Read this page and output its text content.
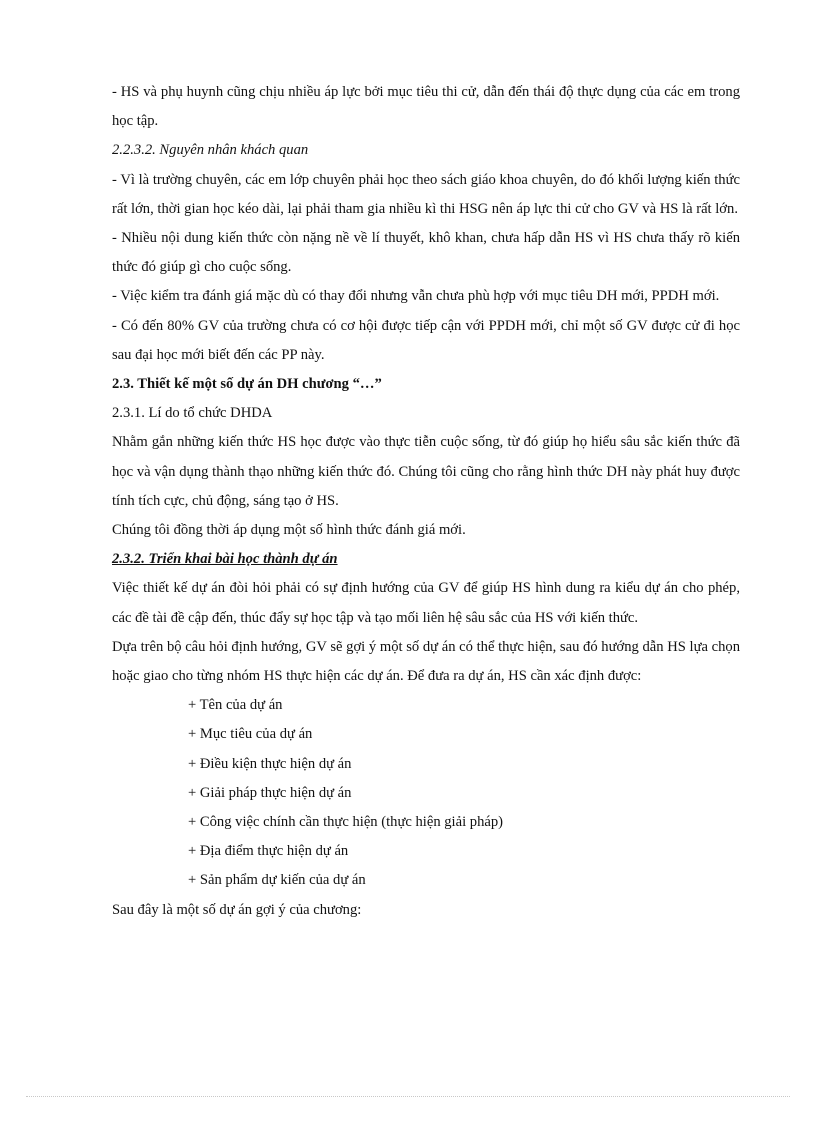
- HS và phụ huynh cũng chịu nhiều áp lực bởi mục tiêu thi cử, dẫn đến thái độ thực dụng của các em trong học tập.

2.2.3.2. Nguyên nhân khách quan

- Vì là trường chuyên, các em lớp chuyên phải học theo sách giáo khoa chuyên, do đó khối lượng kiến thức rất lớn, thời gian học kéo dài, lại phải tham gia nhiều kì thi HSG nên áp lực thi cử cho GV và HS là rất lớn.

- Nhiều nội dung kiến thức còn nặng nề về lí thuyết, khô khan, chưa hấp dẫn HS vì HS chưa thấy rõ kiến thức đó giúp gì cho cuộc sống.

- Việc kiểm tra đánh giá mặc dù có thay đổi nhưng vẫn chưa phù hợp với mục tiêu DH mới, PPDH mới.

- Có đến 80% GV của trường chưa có cơ hội được tiếp cận với PPDH mới, chỉ một số GV được cử đi học sau đại học mới biết đến các PP này.

2.3. Thiết kế một số dự án DH chương “…”

2.3.1. Lí do tổ chức DHDA

Nhằm gắn những kiến thức HS học được vào thực tiễn cuộc sống, từ đó giúp họ hiểu sâu sắc kiến thức đã học và vận dụng thành thạo những kiến thức đó. Chúng tôi cũng cho rằng hình thức DH này phát huy được tính tích cực, chủ động, sáng tạo ở HS.

Chúng tôi đồng thời áp dụng một số hình thức đánh giá mới.

2.3.2. Triển khai bài học thành dự án

Việc thiết kế dự án đòi hỏi phải có sự định hướng của GV để giúp HS hình dung ra kiểu dự án cho phép, các đề tài đề cập đến, thúc đẩy sự học tập và tạo mối liên hệ sâu sắc của HS với kiến thức.

Dựa trên bộ câu hỏi định hướng, GV sẽ gợi ý một số dự án có thể thực hiện, sau đó hướng dẫn HS lựa chọn hoặc giao cho từng nhóm HS thực hiện các dự án. Để đưa ra dự án, HS cần xác định được:

+ Tên của dự án
+ Mục tiêu của dự án
+ Điều kiện thực hiện dự án
+ Giải pháp thực hiện dự án
+ Công việc chính cần thực hiện (thực hiện giải pháp)
+ Địa điểm thực hiện dự án
+ Sản phẩm dự kiến của dự án

Sau đây là một số dự án gợi ý của chương:
